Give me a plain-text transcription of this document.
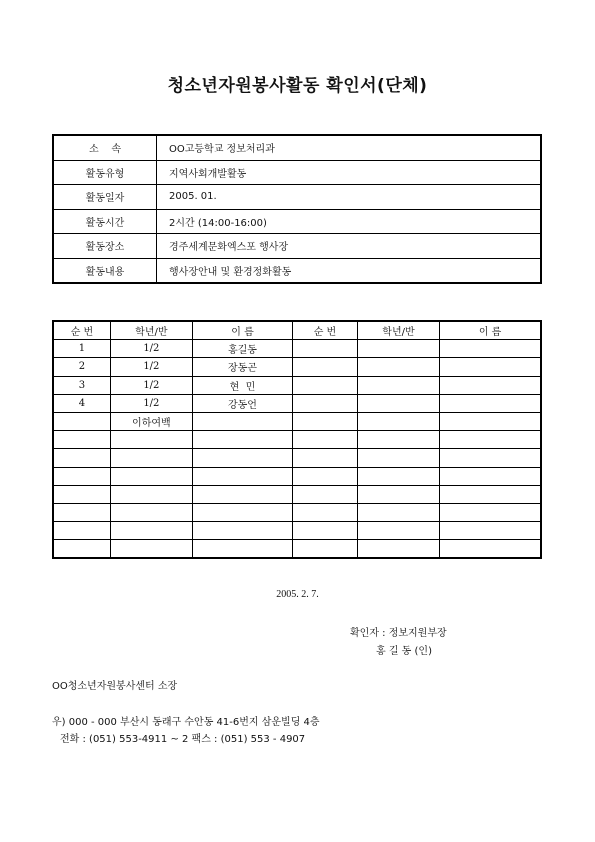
청소년자원봉사활동 확인서(단체)
소    속	OO고등학교 정보처리과
활동유형	지역사회개발활동
활동일자	2005. 01.
활동시간	2시간 (14:00-16:00)
활동장소	경주세계문화엑스포 행사장
활동내용	행사장안내 및 환경정화활동
순 번	학년/반	이 름	순 번	학년/반	이 름
1	1/2	홍길동			
2	1/2	장동곤			
3	1/2	현  민			
4	1/2	강동언			
	이하여백				

2005. 2. 7.
확인자 : 정보지원부장
홍 길 동 (인)
OO청소년자원봉사센터 소장
우) 000 - 000 부산시 동래구 수안동 41-6번지 삼운빌딩 4층
전화 : (051) 553-4911 ~ 2 팩스 : (051) 553 - 4907
